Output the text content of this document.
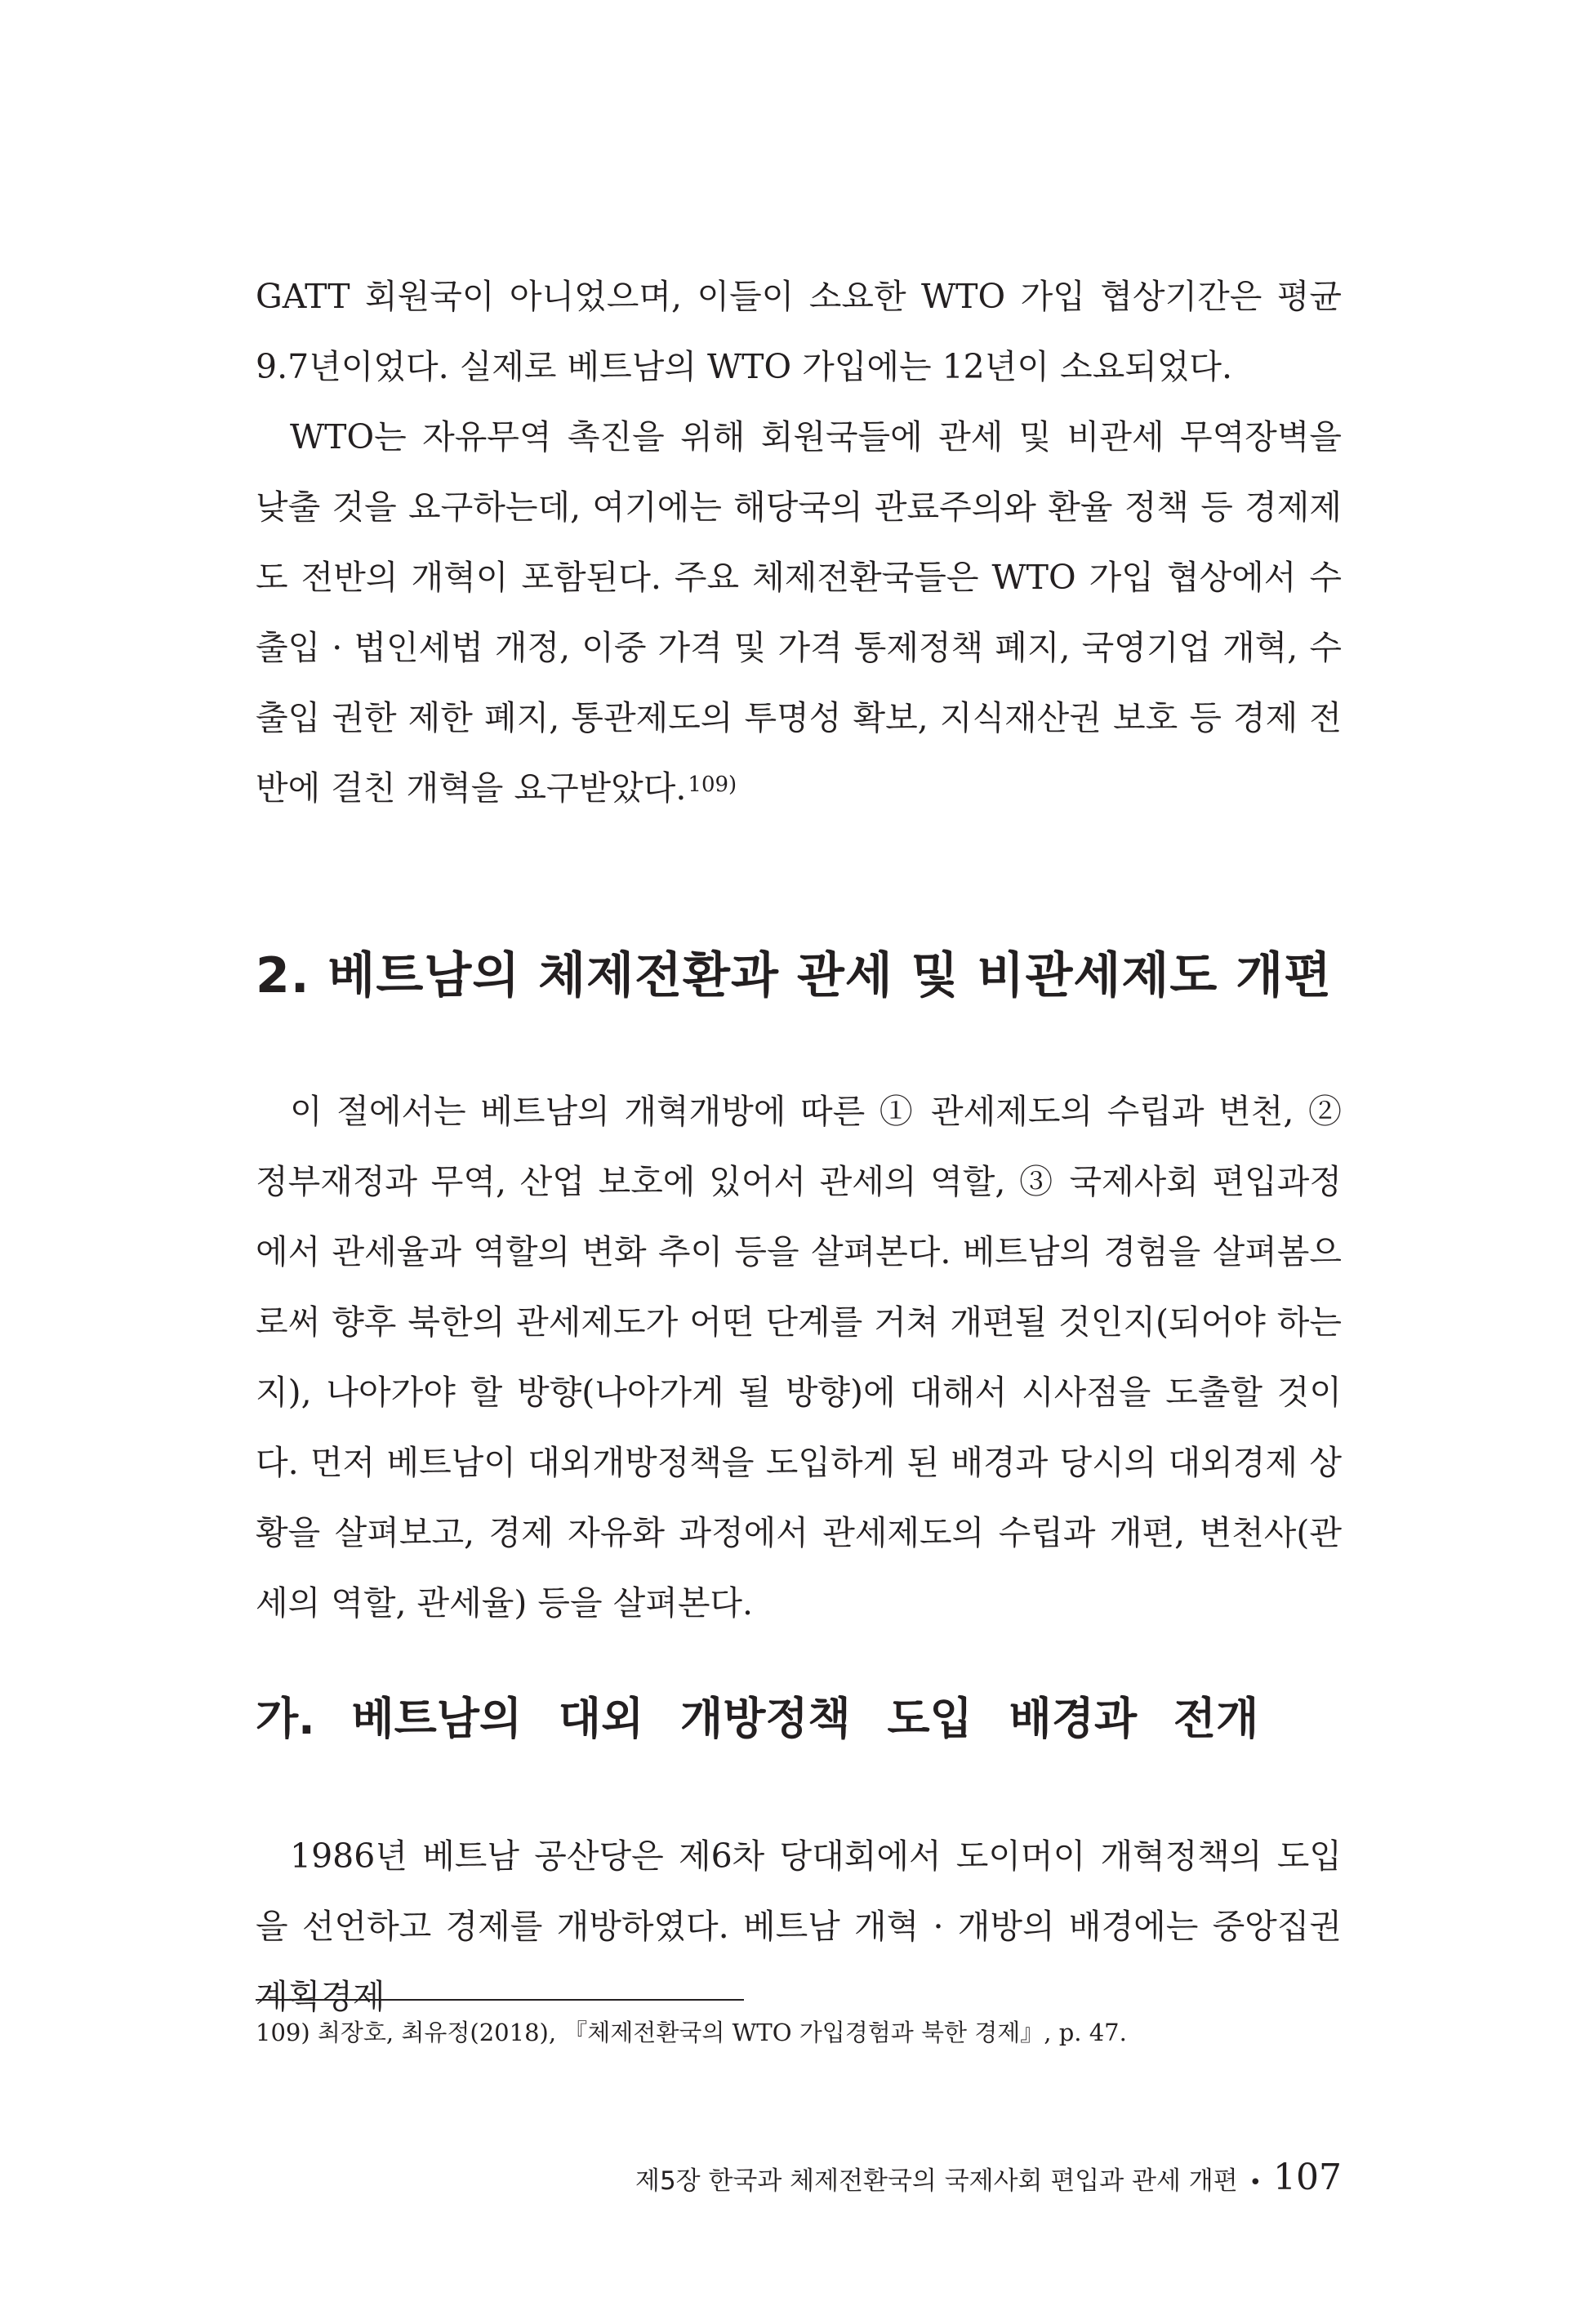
GATT 회원국이 아니었으며, 이들이 소요한 WTO 가입 협상기간은 평균 9.7년이었다. 실제로 베트남의 WTO 가입에는 12년이 소요되었다.

WTO는 자유무역 촉진을 위해 회원국들에 관세 및 비관세 무역장벽을 낮출 것을 요구하는데, 여기에는 해당국의 관료주의와 환율 정책 등 경제제도 전반의 개혁이 포함된다. 주요 체제전환국들은 WTO 가입 협상에서 수출입 · 법인세법 개정, 이중 가격 및 가격 통제정책 폐지, 국영기업 개혁, 수출입 권한 제한 폐지, 통관제도의 투명성 확보, 지식재산권 보호 등 경제 전반에 걸친 개혁을 요구받았다.$^{109)}$

2. 베트남의 체제전환과 관세 및 비관세제도 개편

이 절에서는 베트남의 개혁개방에 따른 ① 관세제도의 수립과 변천, ② 정부재정과 무역, 산업 보호에 있어서 관세의 역할, ③ 국제사회 편입과정에서 관세율과 역할의 변화 추이 등을 살펴본다. 베트남의 경험을 살펴봄으로써 향후 북한의 관세제도가 어떤 단계를 거쳐 개편될 것인지(되어야 하는지), 나아가야 할 방향(나아가게 될 방향)에 대해서 시사점을 도출할 것이다. 먼저 베트남이 대외개방정책을 도입하게 된 배경과 당시의 대외경제 상황을 살펴보고, 경제 자유화 과정에서 관세제도의 수립과 개편, 변천사(관세의 역할, 관세율) 등을 살펴본다.

가. 베트남의 대외 개방정책 도입 배경과 전개

1986년 베트남 공산당은 제6차 당대회에서 도이머이 개혁정책의 도입을 선언하고 경제를 개방하였다. 베트남 개혁 · 개방의 배경에는 중앙집권 계획경제

109) 최장호, 최유정(2018), 『체제전환국의 WTO 가입경험과 북한 경제』, p. 47.

제5장 한국과 체제전환국의 국제사회 편입과 관세 개편 • 107
